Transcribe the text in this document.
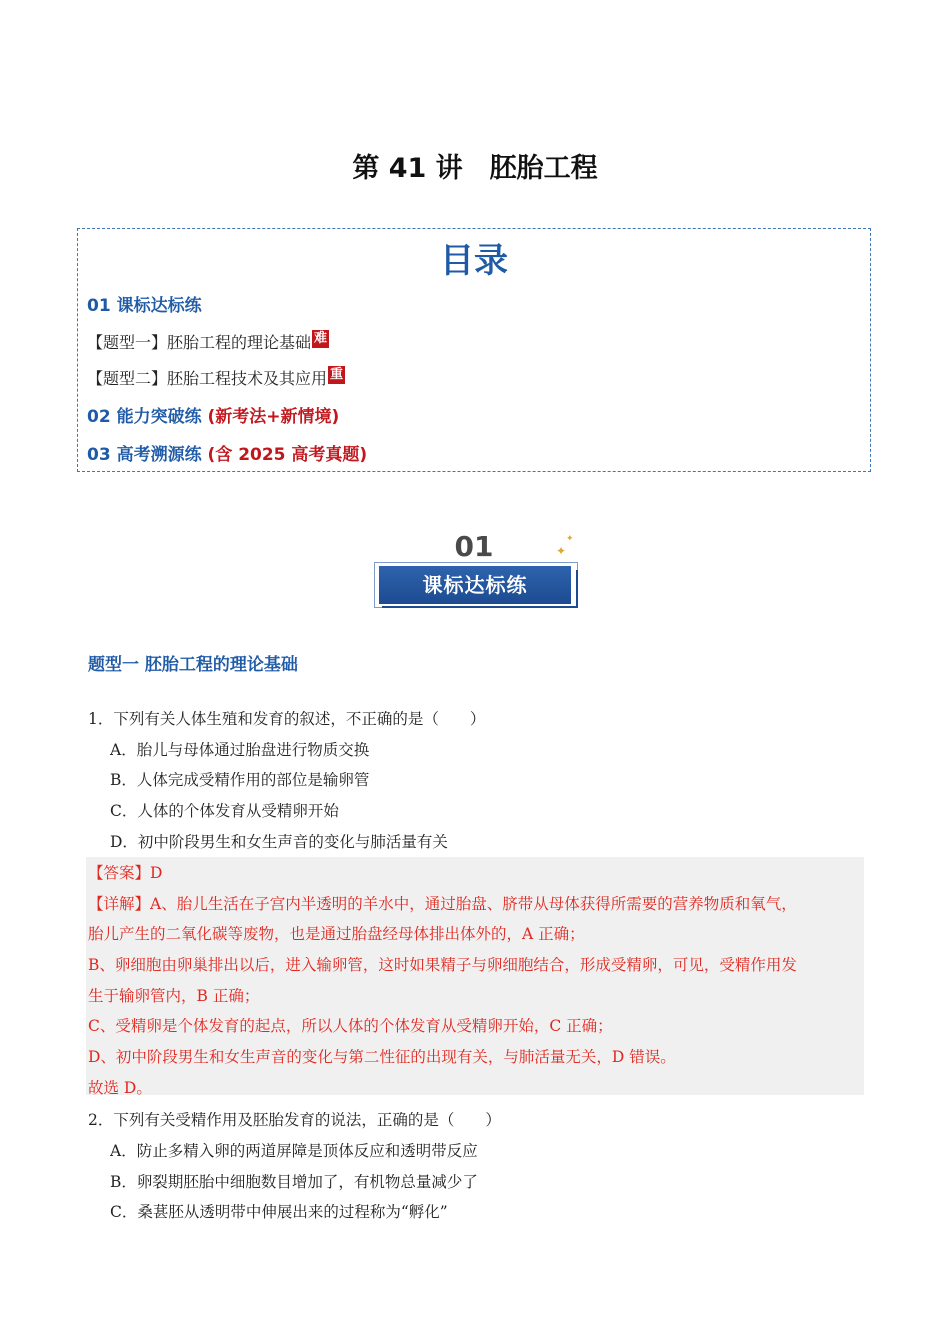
第 41 讲　胚胎工程
目录
01 课标达标练
【题型一】胚胎工程的理论基础 难
【题型二】胚胎工程技术及其应用 重
02 能力突破练 (新考法+新情境)
03 高考溯源练 (含 2025 高考真题)
01
课标达标练
✦
✦
题型一 胚胎工程的理论基础
1．下列有关人体生殖和发育的叙述，不正确的是（　　）
A．胎儿与母体通过胎盘进行物质交换
B．人体完成受精作用的部位是输卵管
C．人体的个体发育从受精卵开始
D．初中阶段男生和女生声音的变化与肺活量有关
【答案】D
【详解】A、胎儿生活在子宫内半透明的羊水中，通过胎盘、脐带从母体获得所需要的营养物质和氧气，
胎儿产生的二氧化碳等废物，也是通过胎盘经母体排出体外的，A 正确；
B、卵细胞由卵巢排出以后，进入输卵管，这时如果精子与卵细胞结合，形成受精卵，可见，受精作用发
生于输卵管内，B 正确；
C、受精卵是个体发育的起点，所以人体的个体发育从受精卵开始，C 正确；
D、初中阶段男生和女生声音的变化与第二性征的出现有关，与肺活量无关，D 错误。
故选 D。
2．下列有关受精作用及胚胎发育的说法，正确的是（　　）
A．防止多精入卵的两道屏障是顶体反应和透明带反应
B．卵裂期胚胎中细胞数目增加了，有机物总量减少了
C．桑葚胚从透明带中伸展出来的过程称为“孵化”
